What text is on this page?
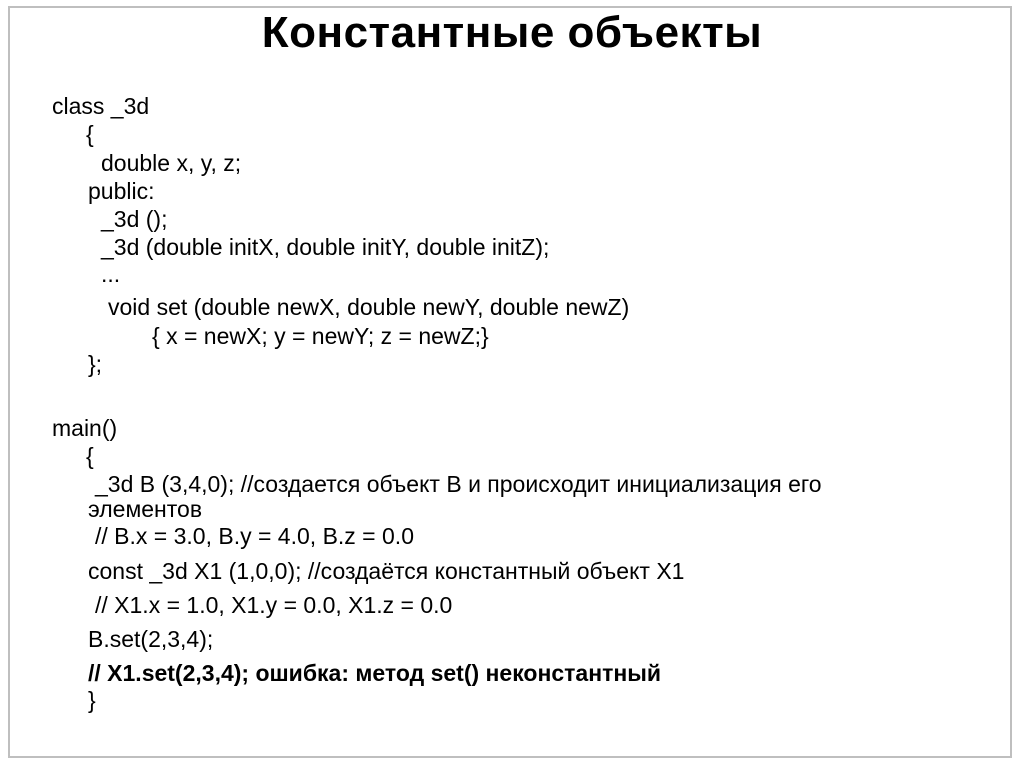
Константные объекты
class _3d
{
double x, y, z;
public:
_3d ();
_3d (double initX, double initY, double initZ);
...
void set (double newX, double newY, double newZ)
{ x = newX; y = newY; z = newZ;}
};
main()
{
_3d B (3,4,0); //создается объект B и происходит инициализация его
элементов
// B.x = 3.0, B.y = 4.0, B.z = 0.0
const _3d X1 (1,0,0); //создаётся константный объект X1
// X1.x = 1.0, X1.y = 0.0, X1.z = 0.0
B.set(2,3,4);
// X1.set(2,3,4); ошибка: метод set() неконстантный
}
